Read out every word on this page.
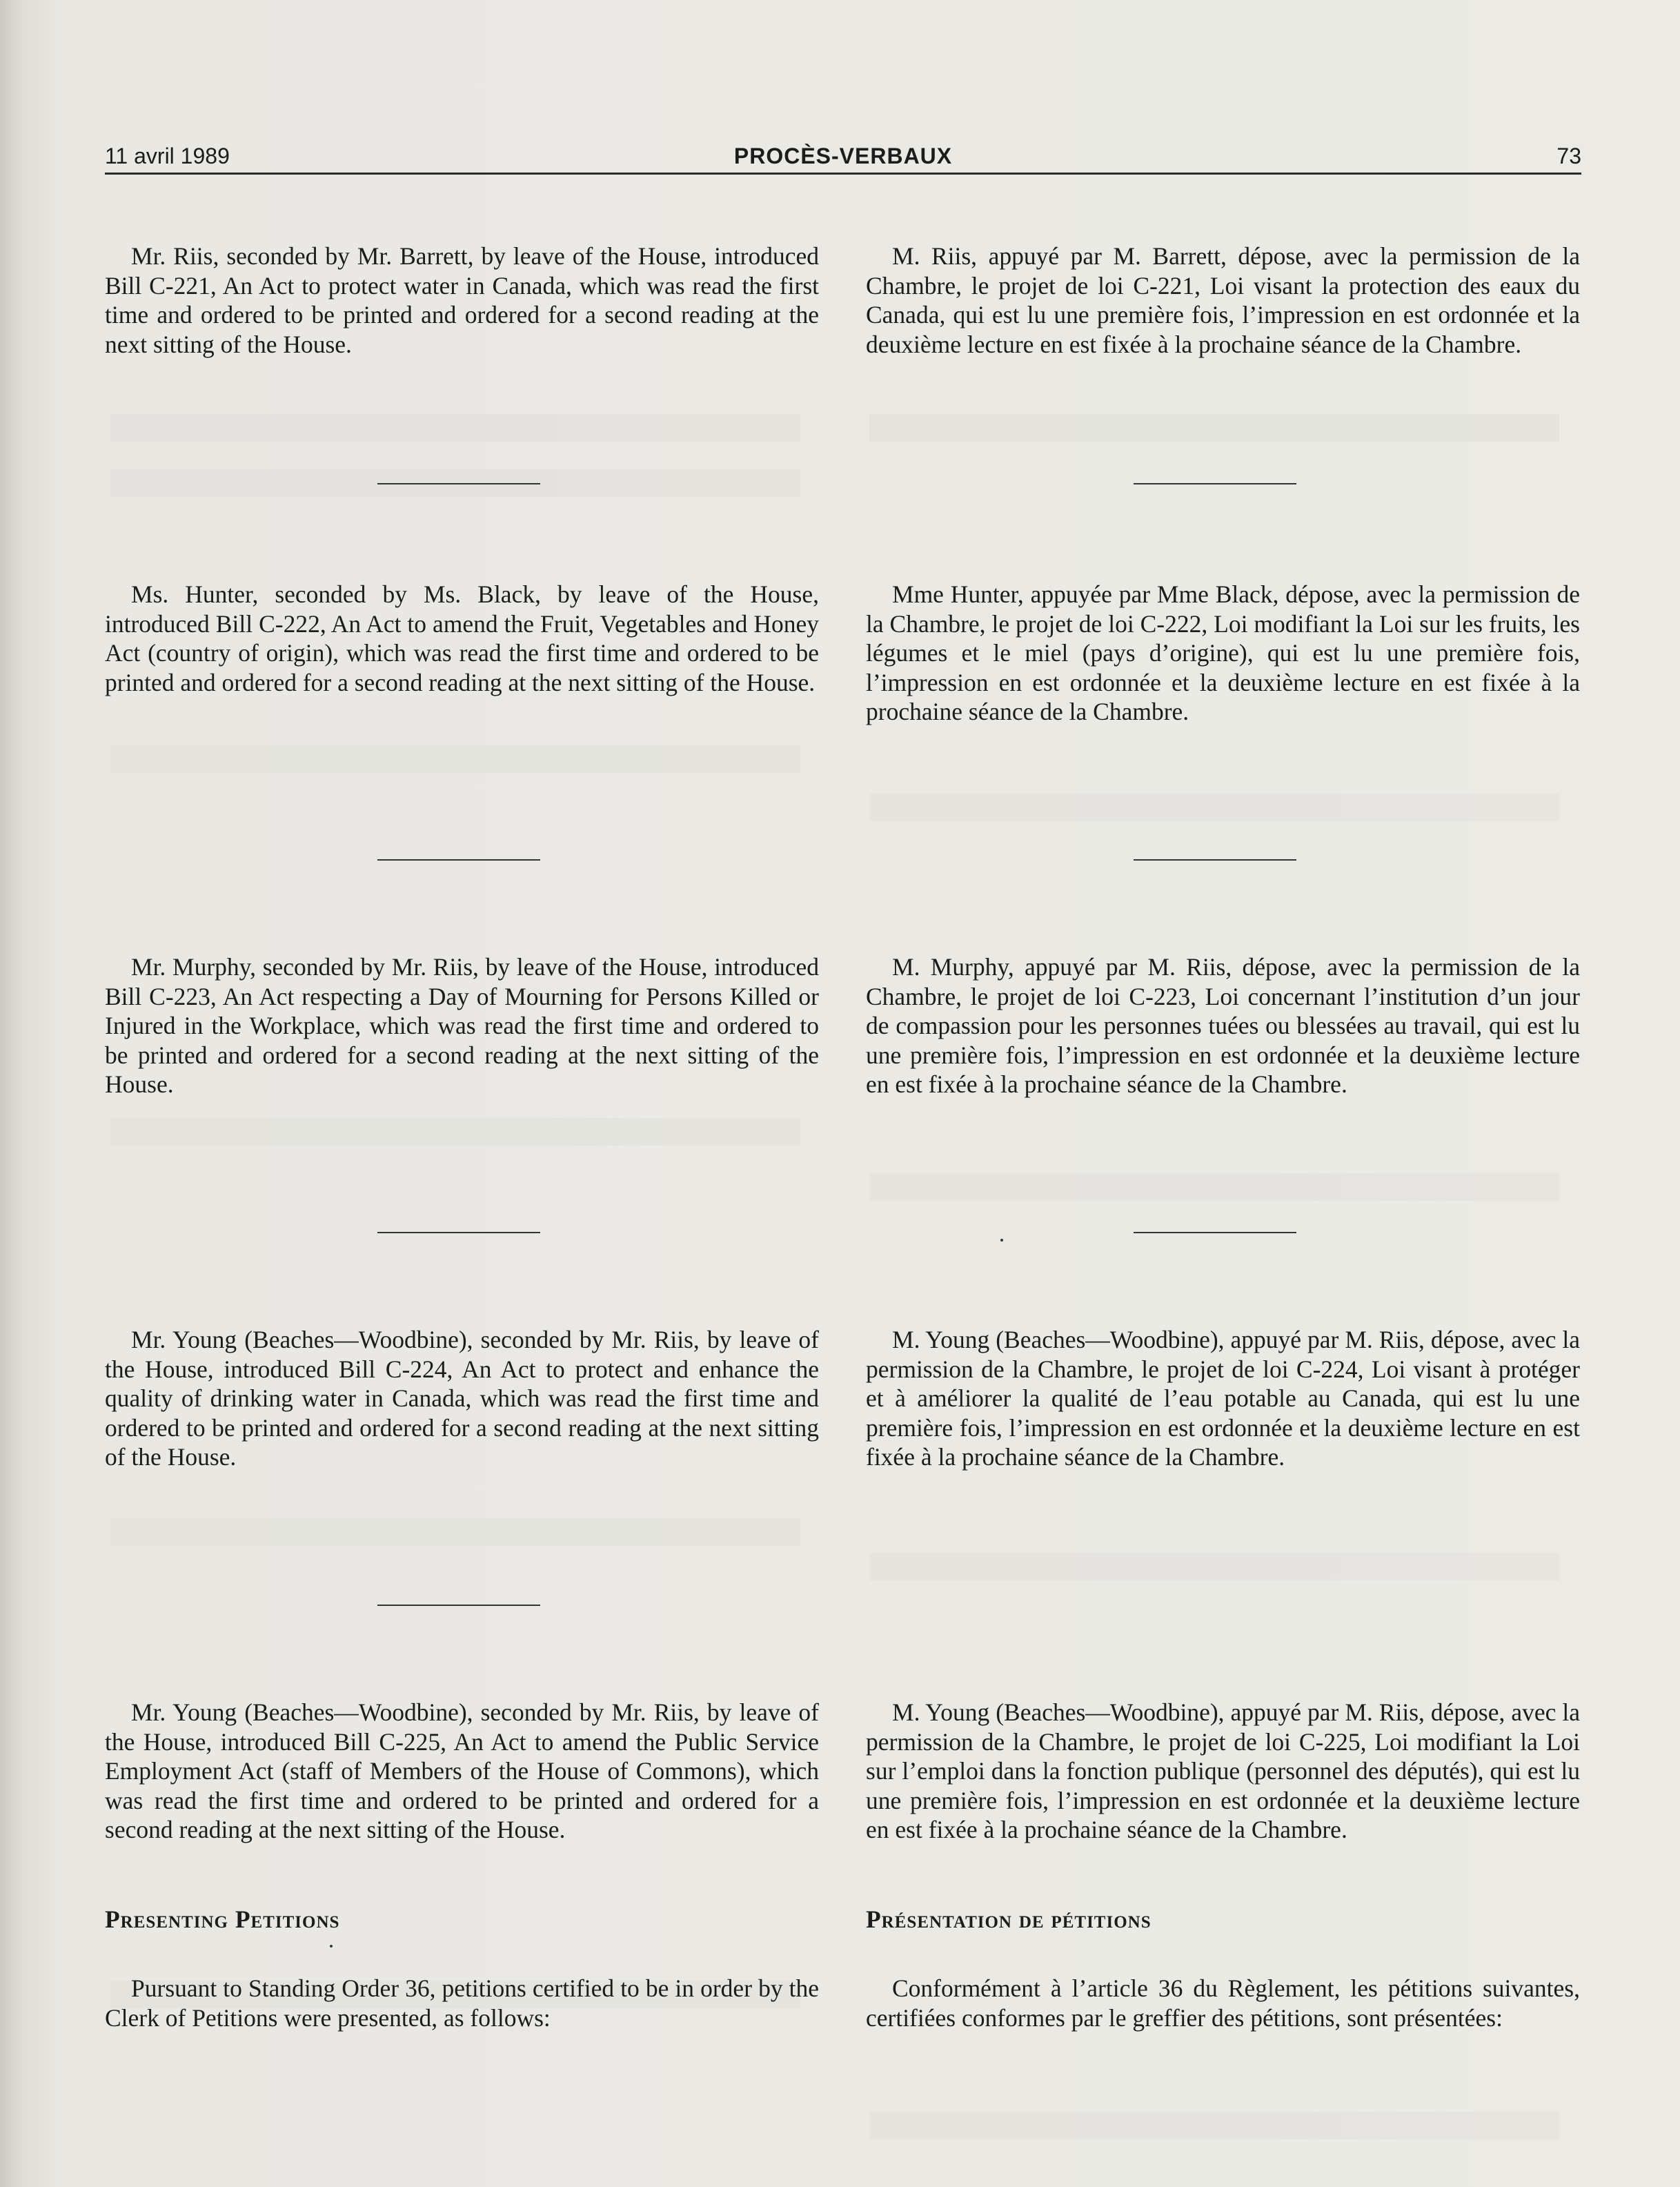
11 avril 1989	PROCÈS-VERBAUX	73

Mr. Riis, seconded by Mr. Barrett, by leave of the House, introduced Bill C-221, An Act to protect water in Canada, which was read the first time and ordered to be printed and ordered for a second reading at the next sitting of the House.

Ms. Hunter, seconded by Ms. Black, by leave of the House, introduced Bill C-222, An Act to amend the Fruit, Vegetables and Honey Act (country of origin), which was read the first time and ordered to be printed and ordered for a second reading at the next sitting of the House.

Mr. Murphy, seconded by Mr. Riis, by leave of the House, introduced Bill C-223, An Act respecting a Day of Mourning for Persons Killed or Injured in the Workplace, which was read the first time and ordered to be printed and ordered for a second reading at the next sitting of the House.

Mr. Young (Beaches—Woodbine), seconded by Mr. Riis, by leave of the House, introduced Bill C-224, An Act to protect and enhance the quality of drinking water in Canada, which was read the first time and ordered to be printed and ordered for a second reading at the next sitting of the House.

Mr. Young (Beaches—Woodbine), seconded by Mr. Riis, by leave of the House, introduced Bill C-225, An Act to amend the Public Service Employment Act (staff of Members of the House of Commons), which was read the first time and ordered to be printed and ordered for a second reading at the next sitting of the House.

Presenting Petitions

Pursuant to Standing Order 36, petitions certified to be in order by the Clerk of Petitions were presented, as follows:

M. Riis, appuyé par M. Barrett, dépose, avec la permission de la Chambre, le projet de loi C-221, Loi visant la protection des eaux du Canada, qui est lu une première fois, l’impression en est ordonnée et la deuxième lecture en est fixée à la prochaine séance de la Chambre.

Mme Hunter, appuyée par Mme Black, dépose, avec la permission de la Chambre, le projet de loi C-222, Loi modifiant la Loi sur les fruits, les légumes et le miel (pays d’origine), qui est lu une première fois, l’impression en est ordonnée et la deuxième lecture en est fixée à la prochaine séance de la Chambre.

M. Murphy, appuyé par M. Riis, dépose, avec la permission de la Chambre, le projet de loi C-223, Loi concernant l’institution d’un jour de compassion pour les personnes tuées ou blessées au travail, qui est lu une première fois, l’impression en est ordonnée et la deuxième lecture en est fixée à la prochaine séance de la Chambre.

M. Young (Beaches—Woodbine), appuyé par M. Riis, dépose, avec la permission de la Chambre, le projet de loi C-224, Loi visant à protéger et à améliorer la qualité de l’eau potable au Canada, qui est lu une première fois, l’impression en est ordonnée et la deuxième lecture en est fixée à la prochaine séance de la Chambre.

M. Young (Beaches—Woodbine), appuyé par M. Riis, dépose, avec la permission de la Chambre, le projet de loi C-225, Loi modifiant la Loi sur l’emploi dans la fonction publique (personnel des députés), qui est lu une première fois, l’impression en est ordonnée et la deuxième lecture en est fixée à la prochaine séance de la Chambre.

Présentation de pétitions

Conformément à l’article 36 du Règlement, les pétitions suivantes, certifiées conformes par le greffier des pétitions, sont présentées:
